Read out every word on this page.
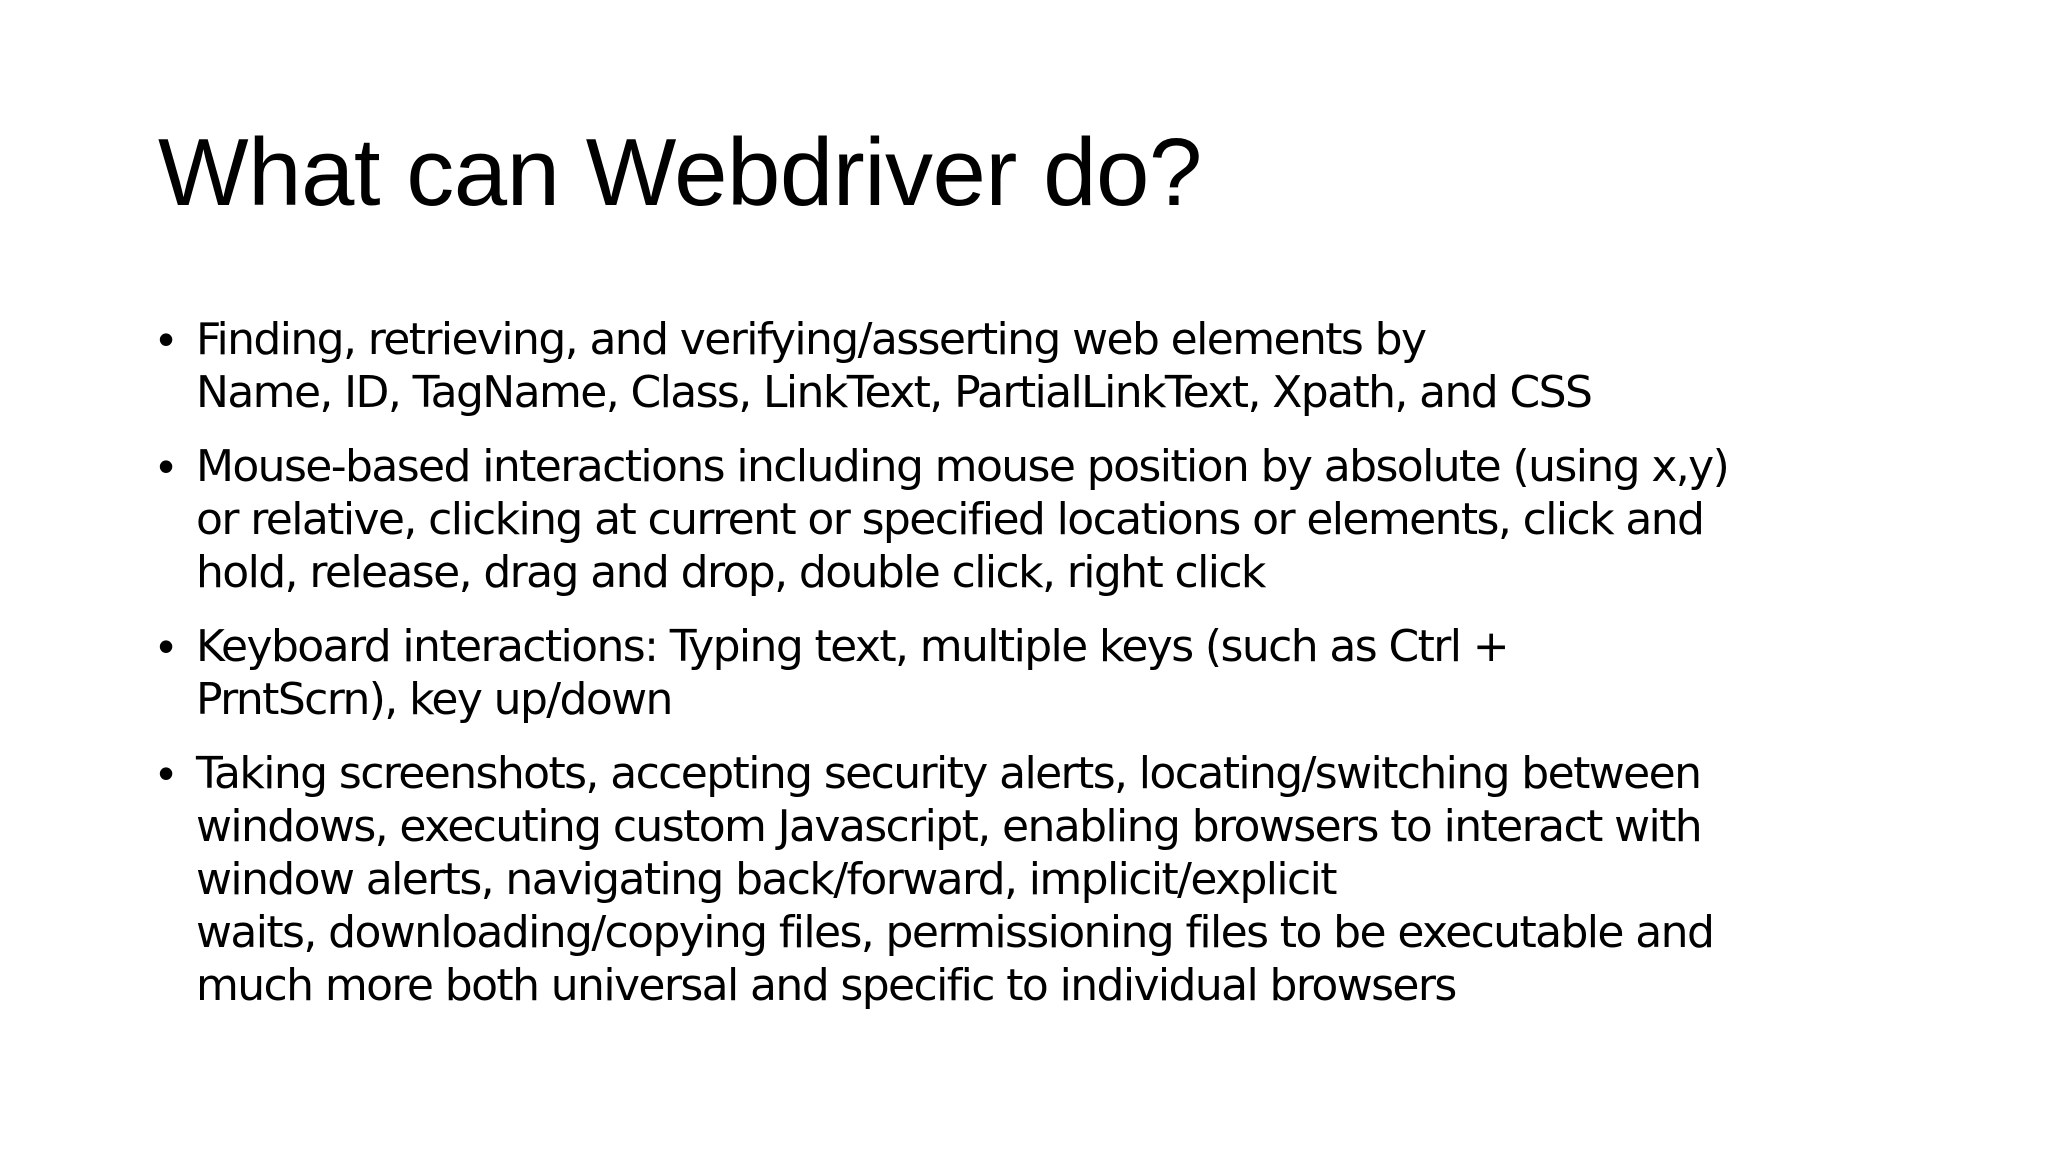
What can Webdriver do?
• Finding, retrieving, and verifying/asserting web elements by
Name, ID, TagName, Class, LinkText, PartialLinkText, Xpath, and CSS
• Mouse-based interactions including mouse position by absolute (using x,y)
or relative, clicking at current or specified locations or elements, click and
hold, release, drag and drop, double click, right click
• Keyboard interactions: Typing text, multiple keys (such as Ctrl +
PrntScrn), key up/down
• Taking screenshots, accepting security alerts, locating/switching between
windows, executing custom Javascript, enabling browsers to interact with
window alerts, navigating back/forward, implicit/explicit
waits, downloading/copying files, permissioning files to be executable and
much more both universal and specific to individual browsers
